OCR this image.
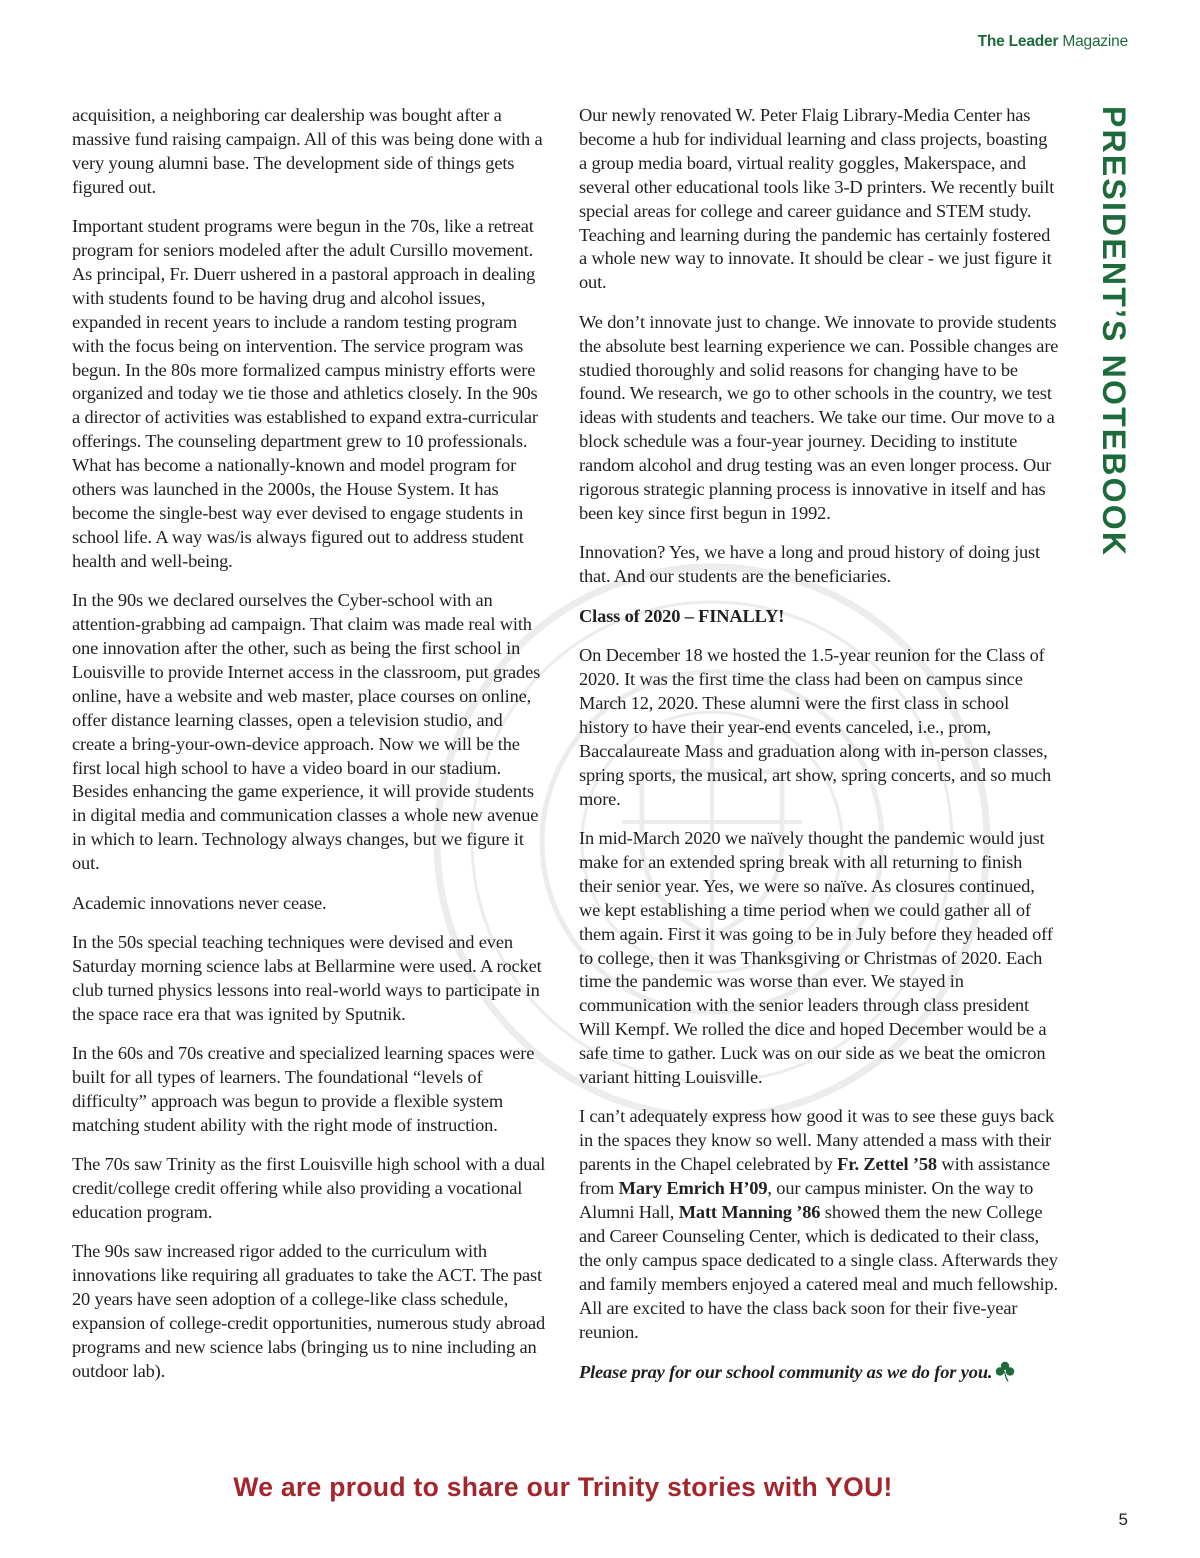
The Leader Magazine
PRESIDENT’S NOTEBOOK

acquisition, a neighboring car dealership was bought after a massive fund raising campaign. All of this was being done with a very young alumni base. The development side of things gets figured out.

Important student programs were begun in the 70s, like a retreat program for seniors modeled after the adult Cursillo movement. As principal, Fr. Duerr ushered in a pastoral approach in dealing with students found to be having drug and alcohol issues, expanded in recent years to include a random testing program with the focus being on intervention. The service program was begun. In the 80s more formalized campus ministry efforts were organized and today we tie those and athletics closely. In the 90s a director of activities was established to expand extra-curricular offerings. The counseling department grew to 10 professionals. What has become a nationally-known and model program for others was launched in the 2000s, the House System. It has become the single-best way ever devised to engage students in school life. A way was/is always figured out to address student health and well-being.

In the 90s we declared ourselves the Cyber-school with an attention-grabbing ad campaign. That claim was made real with one innovation after the other, such as being the first school in Louisville to provide Internet access in the classroom, put grades online, have a website and web master, place courses on online, offer distance learning classes, open a television studio, and create a bring-your-own-device approach. Now we will be the first local high school to have a video board in our stadium. Besides enhancing the game experience, it will provide students in digital media and communication classes a whole new avenue in which to learn. Technology always changes, but we figure it out.

Academic innovations never cease.

In the 50s special teaching techniques were devised and even Saturday morning science labs at Bellarmine were used. A rocket club turned physics lessons into real-world ways to participate in the space race era that was ignited by Sputnik.

In the 60s and 70s creative and specialized learning spaces were built for all types of learners. The foundational “levels of difficulty” approach was begun to provide a flexible system matching student ability with the right mode of instruction.

The 70s saw Trinity as the first Louisville high school with a dual credit/college credit offering while also providing a vocational education program.

The 90s saw increased rigor added to the curriculum with innovations like requiring all graduates to take the ACT. The past 20 years have seen adoption of a college-like class schedule, expansion of college-credit opportunities, numerous study abroad programs and new science labs (bringing us to nine including an outdoor lab).

Our newly renovated W. Peter Flaig Library-Media Center has become a hub for individual learning and class projects, boasting a group media board, virtual reality goggles, Makerspace, and several other educational tools like 3-D printers. We recently built special areas for college and career guidance and STEM study. Teaching and learning during the pandemic has certainly fostered a whole new way to innovate. It should be clear - we just figure it out.

We don’t innovate just to change. We innovate to provide students the absolute best learning experience we can. Possible changes are studied thoroughly and solid reasons for changing have to be found. We research, we go to other schools in the country, we test ideas with students and teachers. We take our time. Our move to a block schedule was a four-year journey. Deciding to institute random alcohol and drug testing was an even longer process. Our rigorous strategic planning process is innovative in itself and has been key since first begun in 1992.

Innovation? Yes, we have a long and proud history of doing just that. And our students are the beneficiaries.

Class of 2020 – FINALLY!

On December 18 we hosted the 1.5-year reunion for the Class of 2020. It was the first time the class had been on campus since March 12, 2020. These alumni were the first class in school history to have their year-end events canceled, i.e., prom, Baccalaureate Mass and graduation along with in-person classes, spring sports, the musical, art show, spring concerts, and so much more.

In mid-March 2020 we naïvely thought the pandemic would just make for an extended spring break with all returning to finish their senior year. Yes, we were so naïve. As closures continued, we kept establishing a time period when we could gather all of them again. First it was going to be in July before they headed off to college, then it was Thanksgiving or Christmas of 2020. Each time the pandemic was worse than ever. We stayed in communication with the senior leaders through class president Will Kempf. We rolled the dice and hoped December would be a safe time to gather. Luck was on our side as we beat the omicron variant hitting Louisville.

I can’t adequately express how good it was to see these guys back in the spaces they know so well. Many attended a mass with their parents in the Chapel celebrated by Fr. Zettel ’58 with assistance from Mary Emrich H’09, our campus minister. On the way to Alumni Hall, Matt Manning ’86 showed them the new College and Career Counseling Center, which is dedicated to their class, the only campus space dedicated to a single class. Afterwards they and family members enjoyed a catered meal and much fellowship. All are excited to have the class back soon for their five-year reunion.

Please pray for our school community as we do for you.

We are proud to share our Trinity stories with YOU!
5
